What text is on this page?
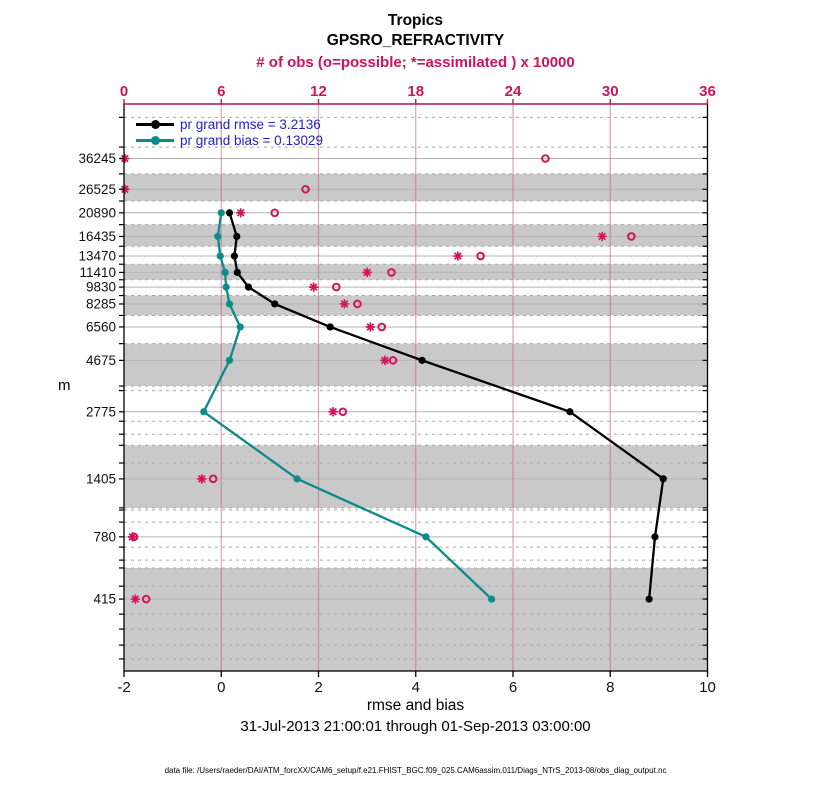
Tropics
GPSRO_REFRACTIVITY
# of obs (o=possible; *=assimilated ) x 10000
-2	0	2	4	6	8	10
0	6	12	18	24	30	36
36245
26525
20890
16435
13470
11410
9830
8285
6560
4675
2775
1405
780
415
m
pr grand rmse = 3.2136
pr grand bias = 0.13029
rmse and bias
31-Jul-2013 21:00:01 through 01-Sep-2013 03:00:00
data file: /Users/raeder/DAI/ATM_forcXX/CAM6_setup/f.e21.FHIST_BGC.f09_025.CAM6assim.011/Diags_NTrS_2013-08/obs_diag_output.nc
